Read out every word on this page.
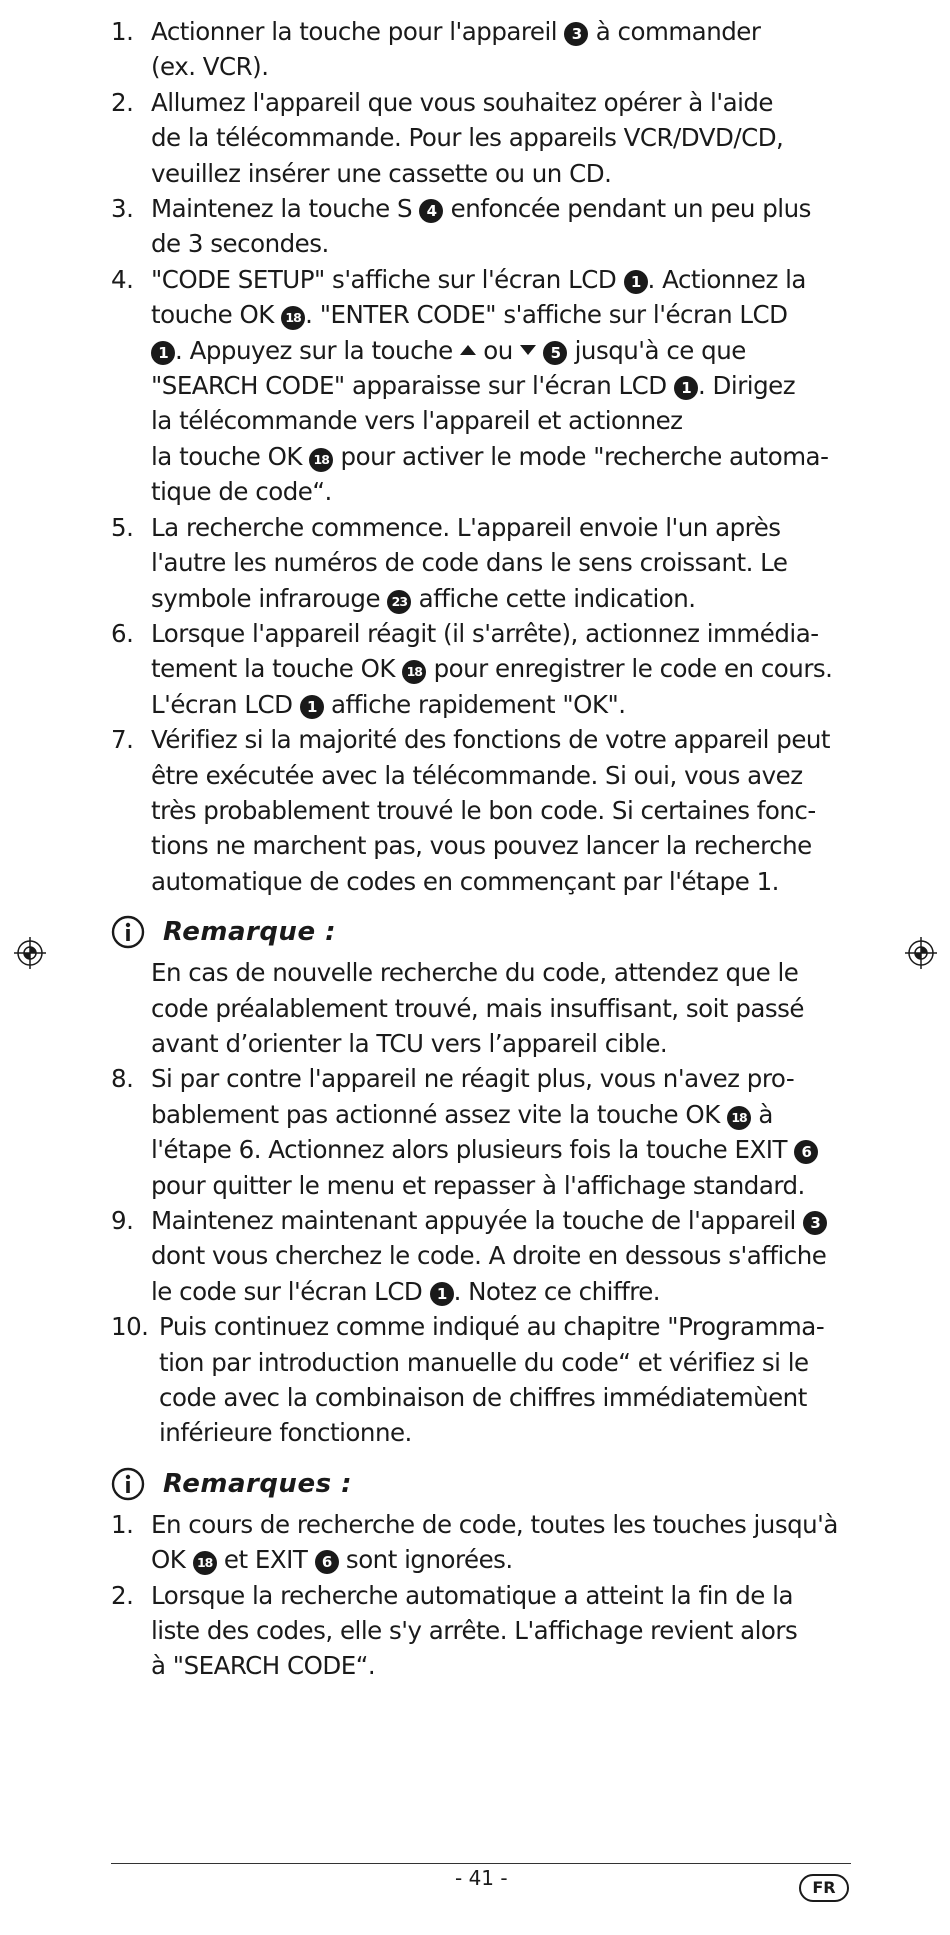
1. Actionner la touche pour l'appareil 3 à commander
(ex. VCR).
2. Allumez l'appareil que vous souhaitez opérer à l'aide
de la télécommande. Pour les appareils VCR/DVD/CD,
veuillez insérer une cassette ou un CD.
3. Maintenez la touche S 4 enfoncée pendant un peu plus
de 3 secondes.
4. "CODE SETUP" s'affiche sur l'écran LCD 1 . Actionnez la
touche OK 18 . "ENTER CODE" s'affiche sur l'écran LCD
1 . Appuyez sur la touche  ou  5 jusqu'à ce que
"SEARCH CODE" apparaisse sur l'écran LCD 1 . Dirigez
la télécommande vers l'appareil et actionnez
la touche OK 18 pour activer le mode "recherche automa-
tique de code“.
5. La recherche commence. L'appareil envoie l'un après
l'autre les numéros de code dans le sens croissant. Le
symbole infrarouge 23 affiche cette indication.
6. Lorsque l'appareil réagit (il s'arrête), actionnez immédia-
tement la touche OK 18 pour enregistrer le code en cours.
L'écran LCD 1 affiche rapidement "OK".
7. Vérifiez si la majorité des fonctions de votre appareil peut
être exécutée avec la télécommande. Si oui, vous avez
très probablement trouvé le bon code. Si certaines fonc-
tions ne marchent pas, vous pouvez lancer la recherche
automatique de codes en commençant par l'étape 1.
Remarque :
En cas de nouvelle recherche du code, attendez que le
code préalablement trouvé, mais insuffisant, soit passé
avant d’orienter la TCU vers l’appareil cible.
8. Si par contre l'appareil ne réagit plus, vous n'avez pro-
bablement pas actionné assez vite la touche OK 18 à
l'étape 6. Actionnez alors plusieurs fois la touche EXIT 6
pour quitter le menu et repasser à l'affichage standard.
9. Maintenez maintenant appuyée la touche de l'appareil 3
dont vous cherchez le code. A droite en dessous s'affiche
le code sur l'écran LCD 1 . Notez ce chiffre.
10. Puis continuez comme indiqué au chapitre "Programma-
tion par introduction manuelle du code“ et vérifiez si le
code avec la combinaison de chiffres immédiatemùent
inférieure fonctionne.
Remarques :
1. En cours de recherche de code, toutes les touches jusqu'à
OK 18 et EXIT 6 sont ignorées.
2. Lorsque la recherche automatique a atteint la fin de la
liste des codes, elle s'y arrête. L'affichage revient alors
à "SEARCH CODE“.
- 41 -	FR
